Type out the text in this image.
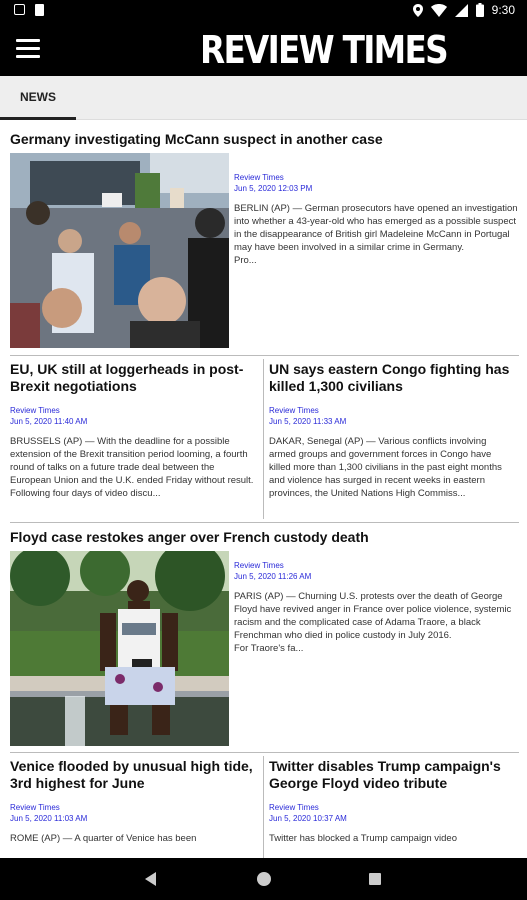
9:30
REVIEW TIMES
NEWS
Germany investigating McCann suspect in another case
Review Times
Jun 5, 2020 12:03 PM
BERLIN (AP) — German prosecutors have opened an investigation into whether a 43-year-old who has emerged as a possible suspect in the disappearance of British girl Madeleine McCann in Portugal may have been involved in a similar crime in Germany.
Pro...
EU, UK still at loggerheads in post-Brexit negotiations
Review Times
Jun 5, 2020 11:40 AM
BRUSSELS (AP) — With the deadline for a possible extension of the Brexit transition period looming, a fourth round of talks on a future trade deal between the European Union and the U.K. ended Friday without result.
Following four days of video discu...
UN says eastern Congo fighting has killed 1,300 civilians
Review Times
Jun 5, 2020 11:33 AM
DAKAR, Senegal (AP) — Various conflicts involving armed groups and government forces in Congo have killed more than 1,300 civilians in the past eight months and violence has surged in recent weeks in eastern provinces, the United Nations High Commiss...
Floyd case restokes anger over French custody death
Review Times
Jun 5, 2020 11:26 AM
PARIS (AP) — Churning U.S. protests over the death of George Floyd have revived anger in France over police violence, systemic racism and the complicated case of Adama Traore, a black Frenchman who died in police custody in July 2016.
For Traore's fa...
Venice flooded by unusual high tide, 3rd highest for June
Review Times
Jun 5, 2020 11:03 AM
ROME (AP) — A quarter of Venice has been
Twitter disables Trump campaign's George Floyd video tribute
Review Times
Jun 5, 2020 10:37 AM
Twitter has blocked a Trump campaign video
